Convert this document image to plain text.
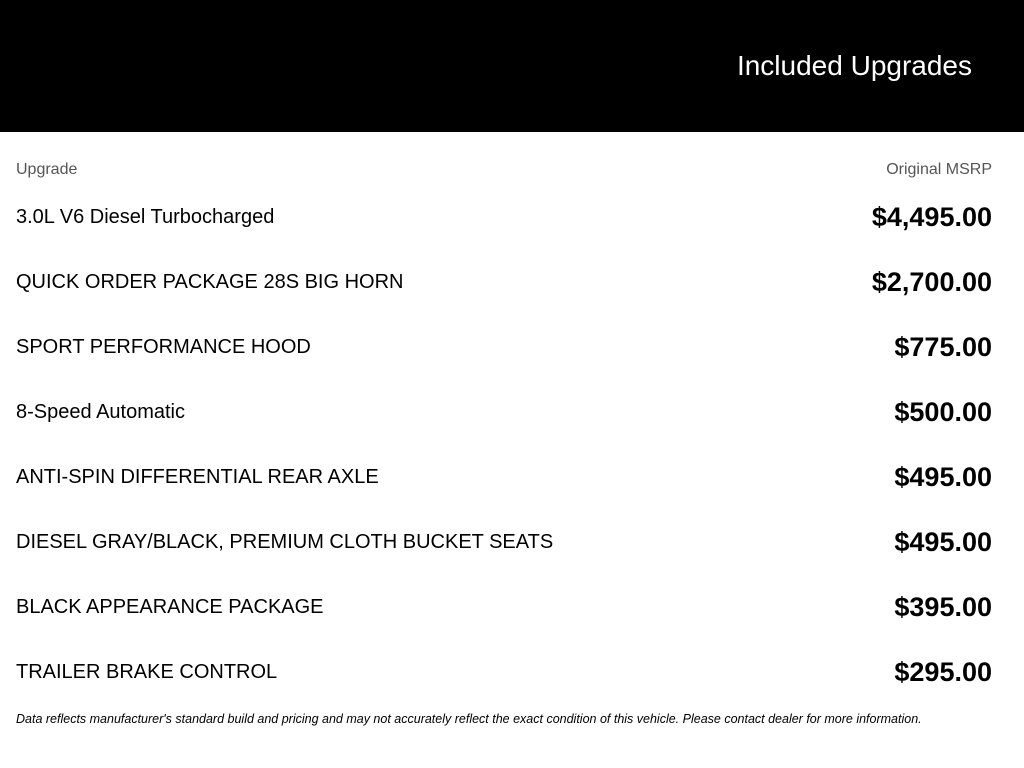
Included Upgrades
Upgrade	Original MSRP
3.0L V6 Diesel Turbocharged	$4,495.00
QUICK ORDER PACKAGE 28S BIG HORN	$2,700.00
SPORT PERFORMANCE HOOD	$775.00
8-Speed Automatic	$500.00
ANTI-SPIN DIFFERENTIAL REAR AXLE	$495.00
DIESEL GRAY/BLACK, PREMIUM CLOTH BUCKET SEATS	$495.00
BLACK APPEARANCE PACKAGE	$395.00
TRAILER BRAKE CONTROL	$295.00
Data reflects manufacturer's standard build and pricing and may not accurately reflect the exact condition of this vehicle. Please contact dealer for more information.
